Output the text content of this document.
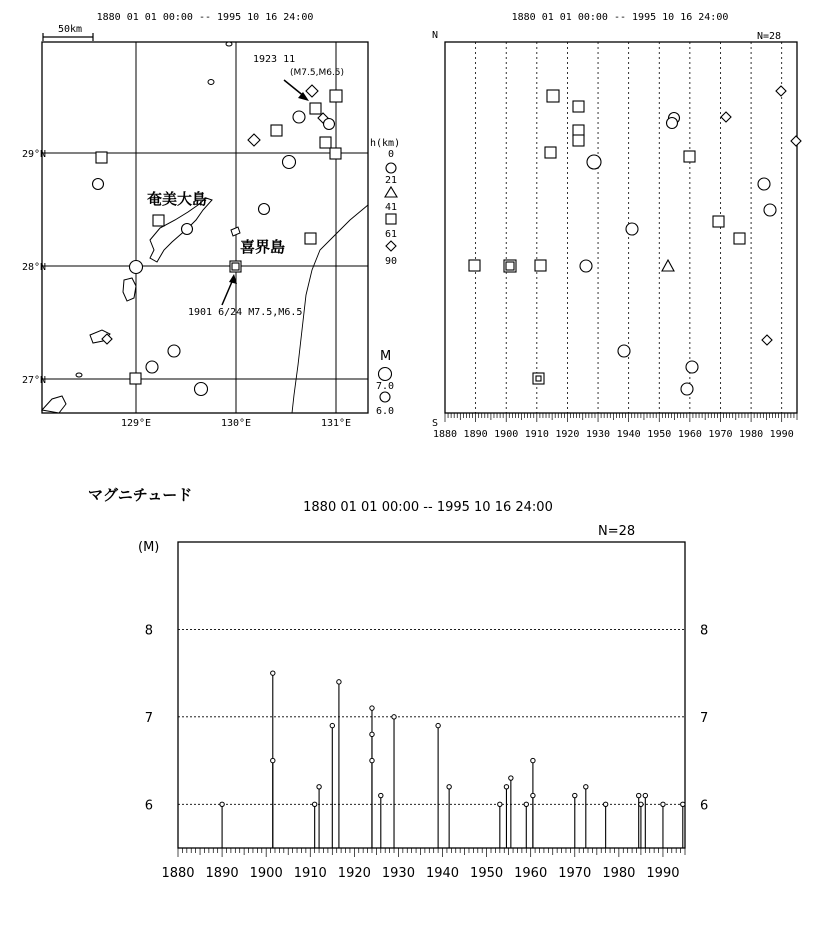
1880 01 01 00:00 -- 1995 10 16 24:00
50km
29°N
28°N
27°N
129°E	130°E	131°E
奄美大島
喜界島
1901 6/24 M7.5,M6.5
1923 11
(M7.5,M6.5)
h(km)
0
21
41
61
90
M
7.0
6.0
1880 01 01 00:00 -- 1995 10 16 24:00
N
S
N=28
1880 1890 1900 1910 1920 1930 1940 1950 1960 1970 1980 1990
マグニチュード
1880 01 01 00:00 -- 1995 10 16 24:00
N=28
(M)
8	8
7	7
6	6
1880 1890 1900 1910 1920 1930 1940 1950 1960 1970 1980 1990
